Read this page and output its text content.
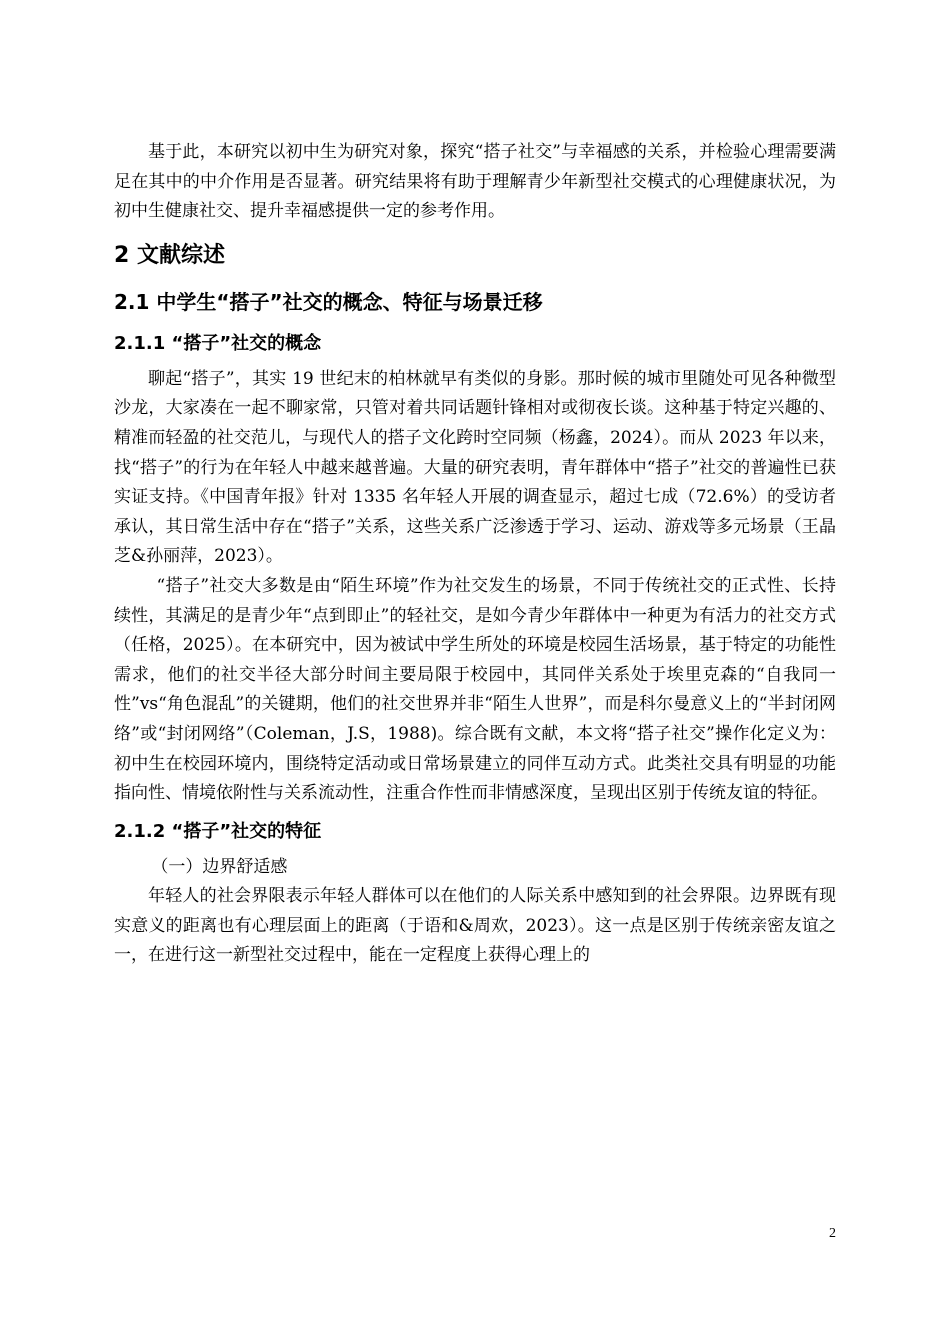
基于此，本研究以初中生为研究对象，探究“搭子社交”与幸福感的关系，并检验心理需要满足在其中的中介作用是否显著。研究结果将有助于理解青少年新型社交模式的心理健康状况，为初中生健康社交、提升幸福感提供一定的参考作用。

2 文献综述
2.1 中学生“搭子”社交的概念、特征与场景迁移
2.1.1 “搭子”社交的概念

聊起“搭子”，其实 19 世纪末的柏林就早有类似的身影。那时候的城市里随处可见各种微型沙龙，大家凑在一起不聊家常，只管对着共同话题针锋相对或彻夜长谈。这种基于特定兴趣的、精准而轻盈的社交范儿，与现代人的搭子文化跨时空同频（杨鑫，2024）。而从 2023 年以来，找“搭子”的行为在年轻人中越来越普遍。大量的研究表明，青年群体中“搭子”社交的普遍性已获实证支持。《中国青年报》针对 1335 名年轻人开展的调查显示，超过七成（72.6%）的受访者承认，其日常生活中存在“搭子”关系，这些关系广泛渗透于学习、运动、游戏等多元场景（王晶芝&孙丽萍，2023）。

“搭子”社交大多数是由“陌生环境”作为社交发生的场景，不同于传统社交的正式性、长持续性，其满足的是青少年“点到即止”的轻社交，是如今青少年群体中一种更为有活力的社交方式（任格，2025）。在本研究中，因为被试中学生所处的环境是校园生活场景，基于特定的功能性需求，他们的社交半径大部分时间主要局限于校园中，其同伴关系处于埃里克森的“自我同一性”vs“角色混乱”的关键期，他们的社交世界并非“陌生人世界”，而是科尔曼意义上的“半封闭网络”或“封闭网络”（Coleman，J.S，1988)。综合既有文献，本文将“搭子社交”操作化定义为：初中生在校园环境内，围绕特定活动或日常场景建立的同伴互动方式。此类社交具有明显的功能指向性、情境依附性与关系流动性，注重合作性而非情感深度，呈现出区别于传统友谊的特征。

2.1.2 “搭子”社交的特征

（一）边界舒适感

年轻人的社会界限表示年轻人群体可以在他们的人际关系中感知到的社会界限。边界既有现实意义的距离也有心理层面上的距离（于语和&周欢，2023）。这一点是区别于传统亲密友谊之一，在进行这一新型社交过程中，能在一定程度上获得心理上的

2
